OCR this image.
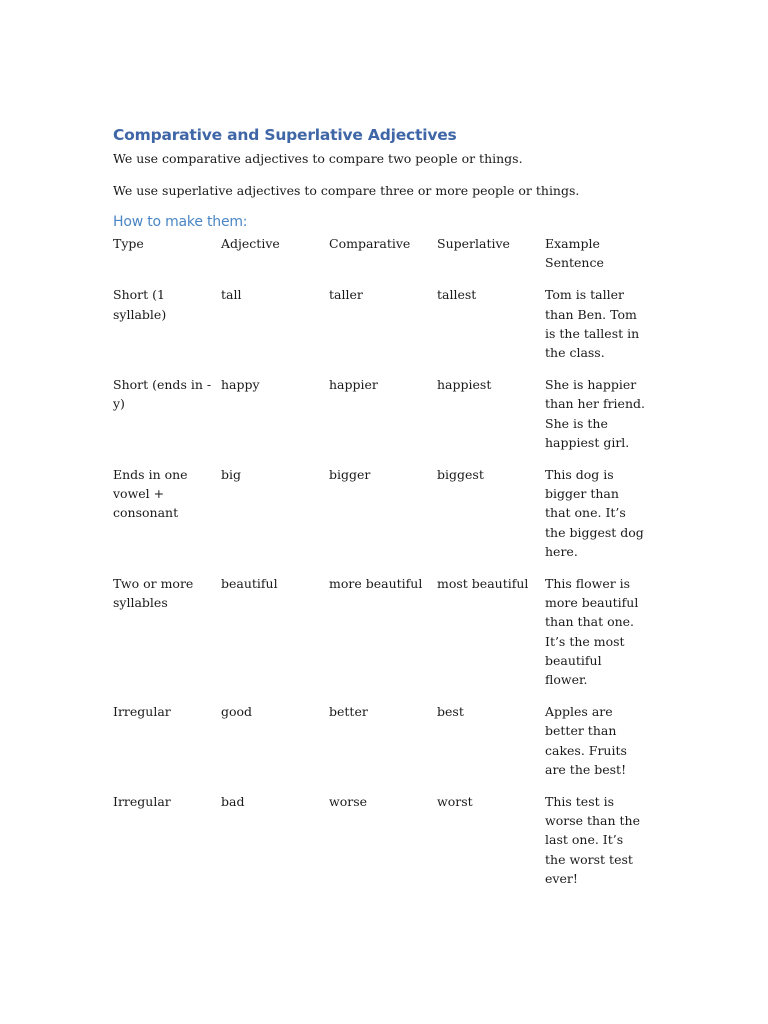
Comparative and Superlative Adjectives

We use comparative adjectives to compare two people or things.

We use superlative adjectives to compare three or more people or things.

How to make them:
Type	Adjective	Comparative	Superlative	Example Sentence
Short (1 syllable)	tall	taller	tallest	Tom is taller than Ben. Tom is the tallest in the class.
Short (ends in -y)	happy	happier	happiest	She is happier than her friend. She is the happiest girl.
Ends in one vowel + consonant	big	bigger	biggest	This dog is bigger than that one. It’s the biggest dog here.
Two or more syllables	beautiful	more beautiful	most beautiful	This flower is more beautiful than that one. It’s the most beautiful flower.
Irregular	good	better	best	Apples are better than cakes. Fruits are the best!
Irregular	bad	worse	worst	This test is worse than the last one. It’s the worst test ever!
